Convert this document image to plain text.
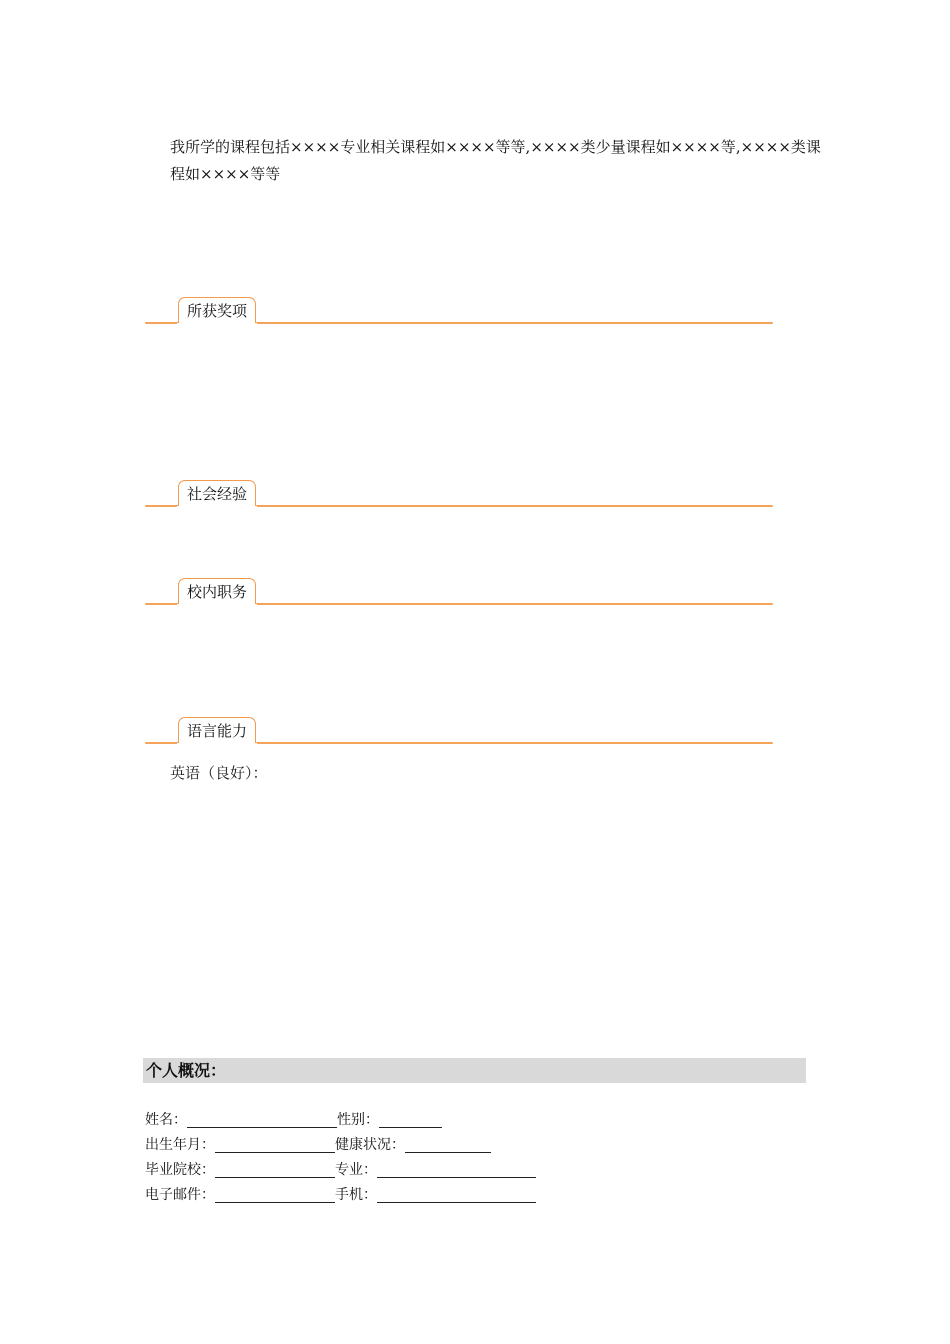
我所学的课程包括××××专业相关课程如××××等等,××××类少量课程如××××等,××××类课程如××××等等
所获奖项
社会经验
校内职务
语言能力
英语（良好）：
个人概况：
姓名：	性别：
出生年月：	健康状况：
毕业院校：	专业：
电子邮件：	手机：
